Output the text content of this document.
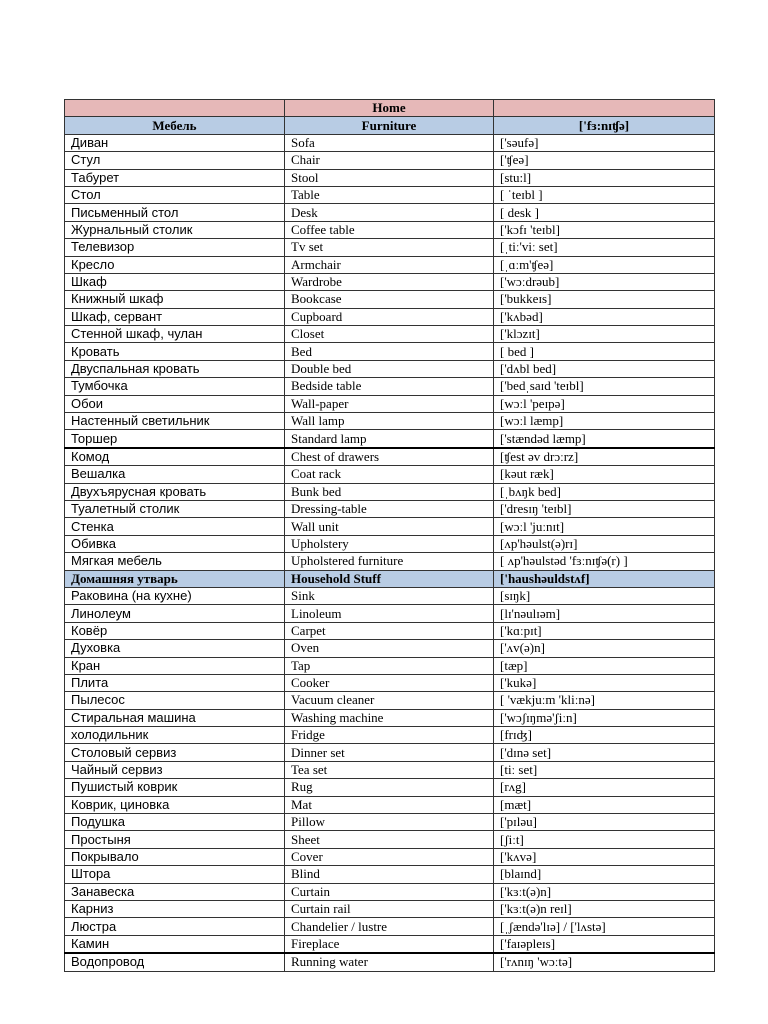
	Home	
Мебель	Furniture	['fɜ:nɪʧə]
Диван	Sofa	['səufə]
Стул	Chair	['ʧeə]
Табурет	Stool	[stu:l]
Стол	Table	[ ˈteɪbl ]
Письменный стол	Desk	[ desk ]
Журнальный столик	Coffee table	['kɔfɪ 'teɪbl]
Телевизор	Tv set	[ˌtiː'viː set]
Кресло	Armchair	[ˌɑːm'ʧeə]
Шкаф	Wardrobe	['wɔːdrəub]
Книжный шкаф	Bookcase	['bukkeɪs]
Шкаф, сервант	Cupboard	['kʌbəd]
Стенной шкаф, чулан	Closet	['klɔzɪt]
Кровать	Bed	[ bed ]
Двуспальная кровать	Double bed	['dʌbl bed]
Тумбочка	Bedside table	['bedˌsaɪd 'teɪbl]
Обои	Wall-paper	[wɔːl 'peɪpə]
Настенный светильник	Wall lamp	[wɔːl læmp]
Торшер	Standard lamp	['stændəd læmp]
Комод	Chest of drawers	[ʧest əv drɔːrz]
Вешалка	Coat rack	[kəut ræk]
Двухъярусная кровать	Bunk bed	[ˌbʌŋk bed]
Туалетный столик	Dressing-table	['dresɪŋ 'teɪbl]
Стенка	Wall unit	[wɔːl 'juːnɪt]
Обивка	Upholstery	[ʌp'həulst(ə)rɪ]
Мягкая мебель	Upholstered furniture	[ ʌp'həulstəd 'fɜːnɪʧə(r) ]
Домашняя утварь	Household Stuff	['haushəuldstʌf]
Раковина (на кухне)	Sink	[sɪŋk]
Линолеум	Linoleum	[lɪ'nəulɪəm]
Ковёр	Carpet	['kɑːpɪt]
Духовка	Oven	['ʌv(ə)n]
Кран	Tap	[tæp]
Плита	Cooker	['kukə]
Пылесос	Vacuum cleaner	[ 'vækjuːm 'kliːnə]
Стиральная машина	Washing machine	['wɔʃɪŋmə'ʃiːn]
холодильник	Fridge	[frɪʤ]
Столовый сервиз	Dinner set	['dɪnə set]
Чайный сервиз	Tea set	[tiː set]
Пушистый коврик	Rug	[rʌg]
Коврик, циновка	Mat	[mæt]
Подушка	Pillow	['pɪləu]
Простыня	Sheet	[ʃiːt]
Покрывало	Cover	['kʌvə]
Штора	Blind	[blaɪnd]
Занавеска	Curtain	['kɜːt(ə)n]
Карниз	Curtain rail	['kɜːt(ə)n reɪl]
Люстра	Chandelier / lustre	[ˌʃændə'lɪə] / ['lʌstə]
Камин	Fireplace	['faɪəpleɪs]
Водопровод	Running water	['rʌnɪŋ 'wɔːtə]
